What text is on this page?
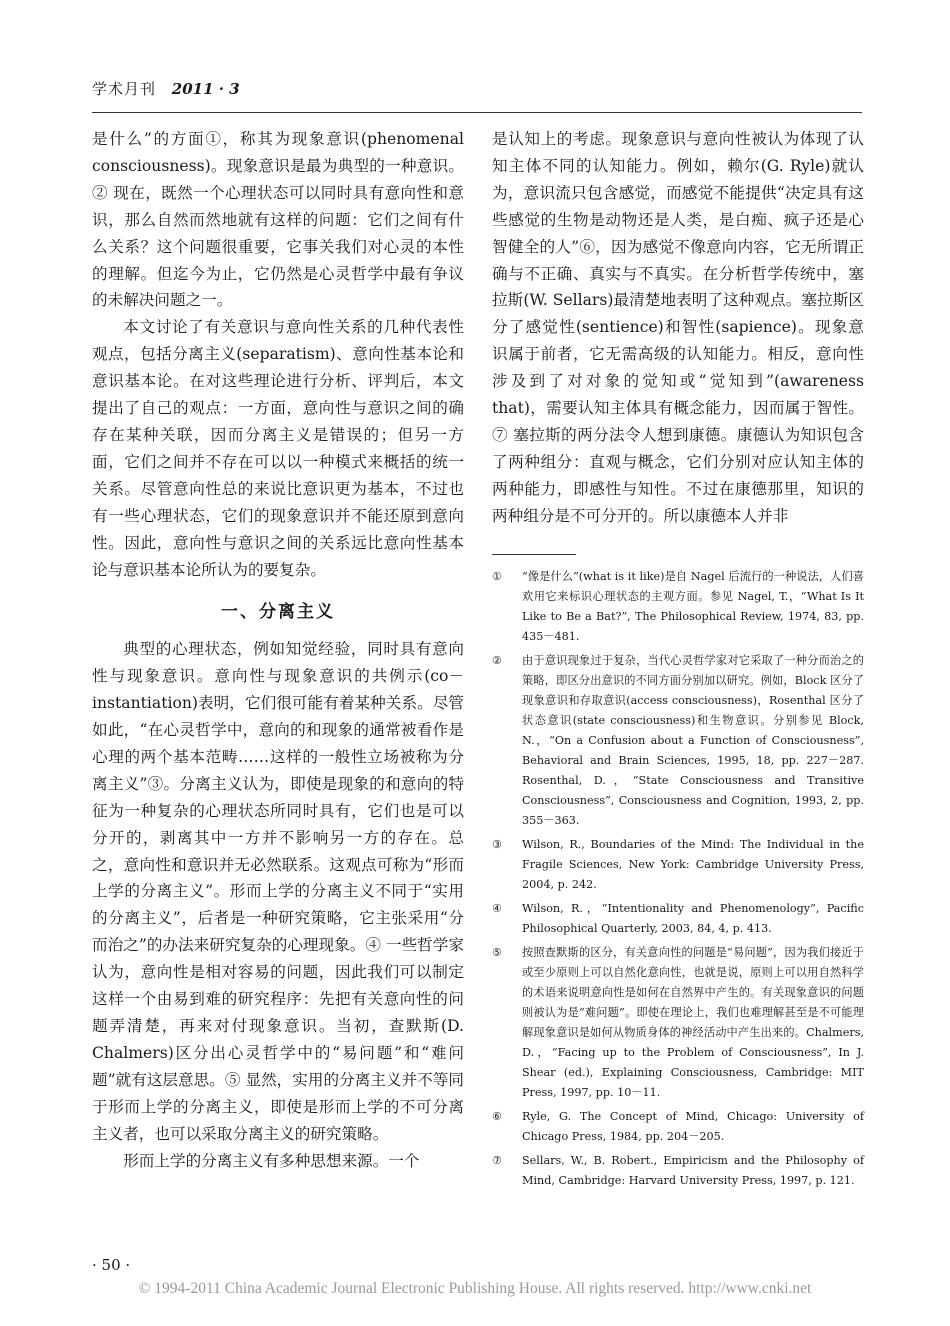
学术月刊 2011 · 3

是什么”的方面①，称其为现象意识(phenomenal consciousness)。现象意识是最为典型的一种意识。② 现在，既然一个心理状态可以同时具有意向性和意识，那么自然而然地就有这样的问题：它们之间有什么关系？这个问题很重要，它事关我们对心灵的本性的理解。但迄今为止，它仍然是心灵哲学中最有争议的未解决问题之一。

本文讨论了有关意识与意向性关系的几种代表性观点，包括分离主义(separatism)、意向性基本论和意识基本论。在对这些理论进行分析、评判后，本文提出了自己的观点：一方面，意向性与意识之间的确存在某种关联，因而分离主义是错误的；但另一方面，它们之间并不存在可以以一种模式来概括的统一关系。尽管意向性总的来说比意识更为基本，不过也有一些心理状态，它们的现象意识并不能还原到意向性。因此，意向性与意识之间的关系远比意向性基本论与意识基本论所认为的要复杂。

一、分离主义

典型的心理状态，例如知觉经验，同时具有意向性与现象意识。意向性与现象意识的共例示(co－instantiation)表明，它们很可能有着某种关系。尽管如此，“在心灵哲学中，意向的和现象的通常被看作是心理的两个基本范畴……这样的一般性立场被称为分离主义”③。分离主义认为，即使是现象的和意向的特征为一种复杂的心理状态所同时具有，它们也是可以分开的，剥离其中一方并不影响另一方的存在。总之，意向性和意识并无必然联系。这观点可称为“形而上学的分离主义”。形而上学的分离主义不同于“实用的分离主义”，后者是一种研究策略，它主张采用“分而治之”的办法来研究复杂的心理现象。④ 一些哲学家认为，意向性是相对容易的问题，因此我们可以制定这样一个由易到难的研究程序：先把有关意向性的问题弄清楚，再来对付现象意识。当初，查默斯(D. Chalmers)区分出心灵哲学中的“易问题”和“难问题”就有这层意思。⑤ 显然，实用的分离主义并不等同于形而上学的分离主义，即使是形而上学的不可分离主义者，也可以采取分离主义的研究策略。

形而上学的分离主义有多种思想来源。一个

是认知上的考虑。现象意识与意向性被认为体现了认知主体不同的认知能力。例如，赖尔(G. Ryle)就认为，意识流只包含感觉，而感觉不能提供“决定具有这些感觉的生物是动物还是人类，是白痴、疯子还是心智健全的人”⑥，因为感觉不像意向内容，它无所谓正确与不正确、真实与不真实。在分析哲学传统中，塞拉斯(W. Sellars)最清楚地表明了这种观点。塞拉斯区分了感觉性(sentience)和智性(sapience)。现象意识属于前者，它无需高级的认知能力。相反，意向性涉及到了对对象的觉知或“觉知到”(awareness that)，需要认知主体具有概念能力，因而属于智性。⑦ 塞拉斯的两分法令人想到康德。康德认为知识包含了两种组分：直观与概念，它们分别对应认知主体的两种能力，即感性与知性。不过在康德那里，知识的两种组分是不可分开的。所以康德本人并非

①	“像是什么”(what is it like)是自 Nagel 后流行的一种说法，人们喜欢用它来标识心理状态的主观方面。参见 Nagel, T.，“What Is It Like to Be a Bat?”, The Philosophical Review, 1974, 83, pp. 435－481.
②	由于意识现象过于复杂，当代心灵哲学家对它采取了一种分而治之的策略，即区分出意识的不同方面分别加以研究。例如，Block 区分了现象意识和存取意识(access consciousness)，Rosenthal 区分了状态意识(state consciousness)和生物意识。分别参见 Block, N.，“On a Confusion about a Function of Consciousness”, Behavioral and Brain Sciences, 1995, 18, pp. 227－287. Rosenthal, D.，“State Consciousness and Transitive Consciousness”, Consciousness and Cognition, 1993, 2, pp. 355－363.
③	Wilson, R., Boundaries of the Mind: The Individual in the Fragile Sciences, New York: Cambridge University Press, 2004, p. 242.
④	Wilson, R.，“Intentionality and Phenomenology”, Pacific Philosophical Quarterly, 2003, 84, 4, p. 413.
⑤	按照查默斯的区分，有关意向性的问题是“易问题”，因为我们接近于或至少原则上可以自然化意向性，也就是说，原则上可以用自然科学的术语来说明意向性是如何在自然界中产生的。有关现象意识的问题则被认为是“难问题”。即使在理论上，我们也难理解甚至是不可能理解现象意识是如何从物质身体的神经活动中产生出来的。Chalmers, D.，“Facing up to the Problem of Consciousness”, In J. Shear (ed.), Explaining Consciousness, Cambridge: MIT Press, 1997, pp. 10－11.
⑥	Ryle, G. The Concept of Mind, Chicago: University of Chicago Press, 1984, pp. 204－205.
⑦	Sellars, W., B. Robert., Empiricism and the Philosophy of Mind, Cambridge: Harvard University Press, 1997, p. 121.
· 50 ·
© 1994-2011 China Academic Journal Electronic Publishing House. All rights reserved. http://www.cnki.net
